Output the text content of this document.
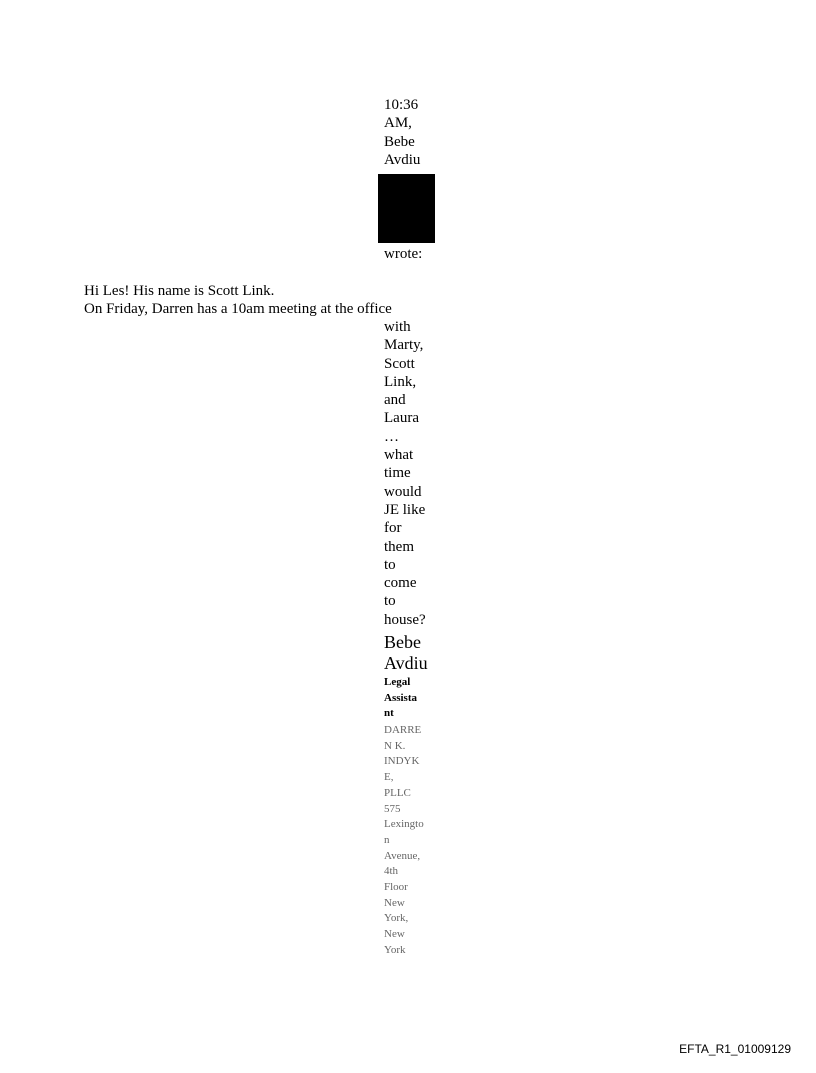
10:36
AM,
Bebe
Avdiu
wrote:
Hi Les! His name is Scott Link.
On Friday, Darren has a 10am meeting at the office
with
Marty,
Scott
Link,
and
Laura
…
what
time
would
JE like
for
them
to
come
to
house?
Bebe
Avdiu
Legal
Assista
nt
DARRE
N K.
INDYK
E,
PLLC
575
Lexingto
n
Avenue,
4th
Floor
New
York,
New
York
EFTA_R1_01009129
